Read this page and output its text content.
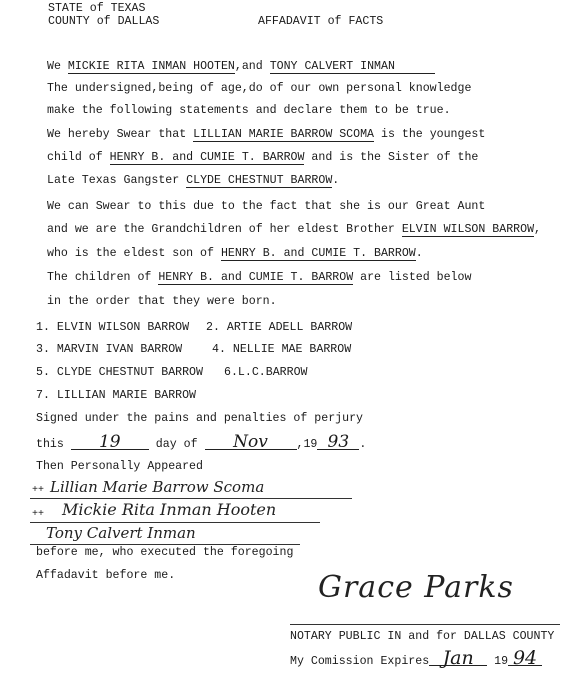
STATE of TEXAS
COUNTY of DALLAS	AFFADAVIT of FACTS
We MICKIE RITA INMAN HOOTEN,and TONY CALVERT INMAN
The undersigned,being of age,do of our own personal knowledge
make the following statements and declare them to be true.
We hereby Swear that LILLIAN MARIE BARROW SCOMA is the youngest
child of HENRY B. and CUMIE T. BARROW and is the Sister of the
Late Texas Gangster CLYDE CHESTNUT BARROW.
We can Swear to this due to the fact that she is our Great Aunt
and we are the Grandchildren of her eldest Brother ELVIN WILSON BARROW,
who is the eldest son of HENRY B. and CUMIE T. BARROW.
The children of HENRY B. and CUMIE T. BARROW are listed below
in the order that they were born.
1. ELVIN WILSON BARROW 2. ARTIE ADELL BARROW
3. MARVIN IVAN BARROW	4. NELLIE MAE BARROW
5. CLYDE CHESTNUT BARROW 6.L.C.BARROW
7. LILLIAN MARIE BARROW
Signed under the pains and penalties of perjury
this 19	day of Nov ,19 93 .
Then Personally Appeared
++ Lillian Marie Barrow Scoma
++ Mickie Rita Inman Hooten
Tony Calvert Inman
before me, who executed the foregoing
Affadavit before me.	Grace Parks
NOTARY PUBLIC IN and for DALLAS COUNTY
My Comission Expires Jan 19 94
